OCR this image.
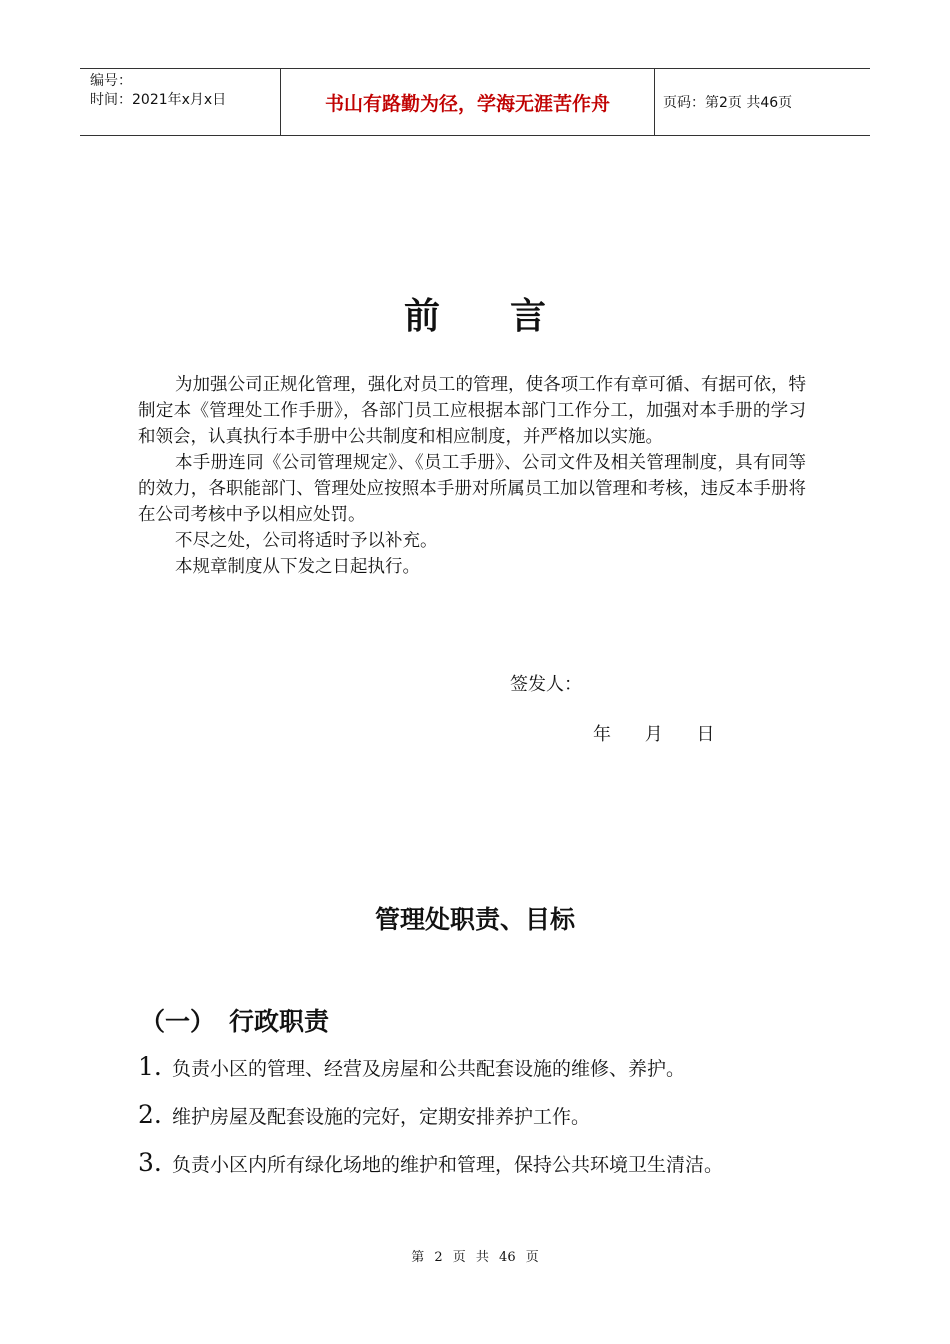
编号：
时间：2021年x月x日	书山有路勤为径，学海无涯苦作舟	页码：第2页 共46页
前言

为加强公司正规化管理，强化对员工的管理，使各项工作有章可循、有据可依，特制定本《管理处工作手册》，各部门员工应根据本部门工作分工，加强对本手册的学习和领会，认真执行本手册中公共制度和相应制度，并严格加以实施。

本手册连同《公司管理规定》、《员工手册》、公司文件及相关管理制度，具有同等的效力，各职能部门、管理处应按照本手册对所属员工加以管理和考核，违反本手册将在公司考核中予以相应处罚。

不尽之处，公司将适时予以补充。

本规章制度从下发之日起执行。

签发人：
年 月 日
管理处职责、目标
（一） 行政职责
1. 负责小区的管理、经营及房屋和公共配套设施的维修、养护。
2. 维护房屋及配套设施的完好，定期安排养护工作。
3. 负责小区内所有绿化场地的维护和管理，保持公共环境卫生清洁。
第 2 页 共 46 页
